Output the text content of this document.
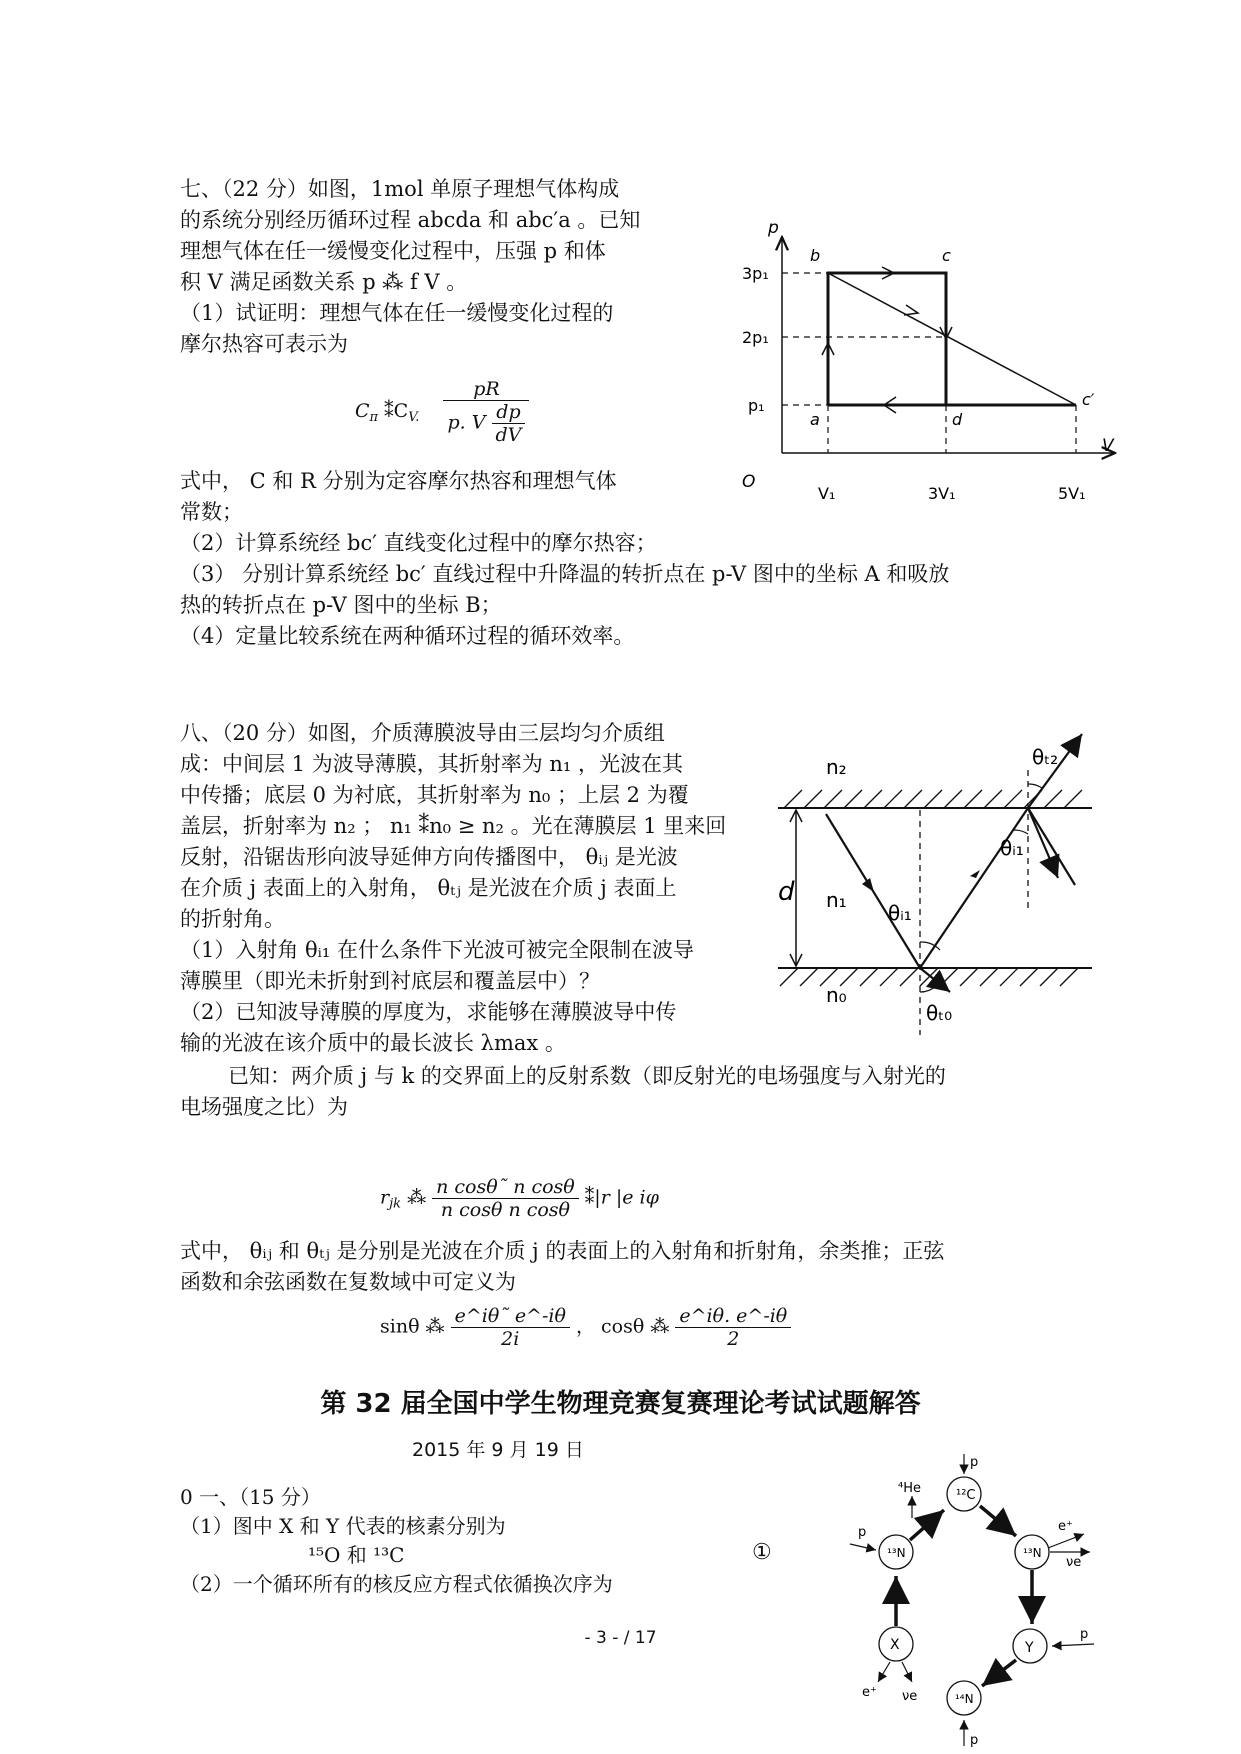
七、（22 分）如图，1mol 单原子理想气体构成

的系统分别经历循环过程 abcda 和 abc′a 。已知

理想气体在任一缓慢变化过程中，压强 p 和体

积 V 满足函数关系 p ⁂ f V 。

（1）试证明：理想气体在任一缓慢变化过程的

摩尔热容可表示为

$C_\pi$ $⁑C_{V.} \frac{pR}{p. V \frac{dp}{dV}}$

式中， C 和 R 分别为定容摩尔热容和理想气体

常数；

（2）计算系统经 bc′ 直线变化过程中的摩尔热容；

（3） 分别计算系统经 bc′ 直线过程中升降温的转折点在 p-V 图中的坐标 A 和吸放

热的转折点在 p-V 图中的坐标 B；

（4）定量比较系统在两种循环过程的循环效率。

p
V
O
3p₁
2p₁
p₁
V₁	3V₁	5V₁
b	c
a	d
c′

八、（20 分）如图，介质薄膜波导由三层均匀介质组

成：中间层 1 为波导薄膜，其折射率为 n₁ ，光波在其

中传播；底层 0 为衬底，其折射率为 n₀ ；上层 2 为覆

盖层，折射率为 n₂ ； n₁ ⁑n₀ ≥ n₂ 。光在薄膜层 1 里来回

反射，沿锯齿形向波导延伸方向传播图中， θᵢⱼ 是光波

在介质 j 表面上的入射角， θₜⱼ 是光波在介质 j 表面上

的折射角。

（1）入射角 θᵢ₁ 在什么条件下光波可被完全限制在波导

薄膜里（即光未折射到衬底层和覆盖层中）？

（2）已知波导薄膜的厚度为，求能够在薄膜波导中传

输的光波在该介质中的最长波长 λmax 。

已知：两介质 j 与 k 的交界面上的反射系数（即反射光的电场强度与入射光的

电场强度之比）为

$r_{jk}$ ⁂ $\frac{\text{n cosθ˜ n cosθ}}{\text{n cosθ n cosθ}}$ ⁑|r |e iφ

式中， θᵢⱼ 和 θₜⱼ 是分别是光波在介质 j 的表面上的入射角和折射角，余类推；正弦

函数和余弦函数在复数域中可定义为

sinθ ⁂ $\frac{e\^{}i\theta˜ e\^{}-i\theta}{2i}$ ， cosθ ⁂ $\frac{e\^{}i\theta. e\^{}-i\theta}{2}$
n₂
n₁
n₀
d
θᵢ₁
θᵢ₁
θₜ₂
θₜ₀
第 32 届全国中学生物理竞赛复赛理论考试试题解答
2015 年 9 月 19 日

0 一、（15 分）

（1）图中 X 和 Y 代表的核素分别为

¹⁵O 和 ¹³C

（2）一个循环所有的核反应方程式依循换次序为

①
¹²C
¹³N	¹³N
Y
¹⁴N
X
p
⁴He
p	e⁺
νe
p
e⁺ νe
p
- 3 - / 17
